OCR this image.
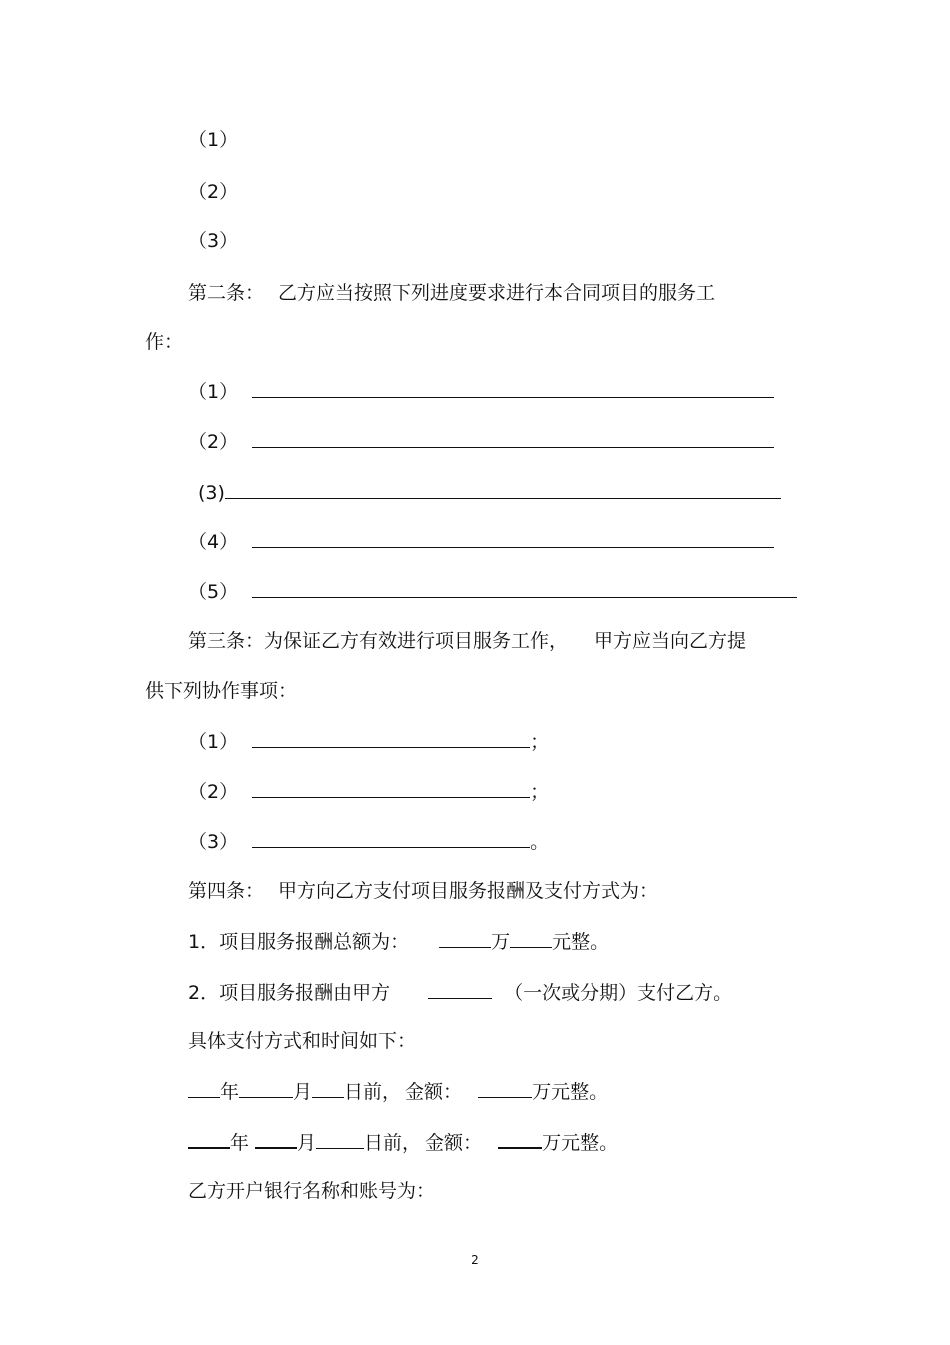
（1）
（2）
（3）
第二条： 乙方应当按照下列进度要求进行本合同项目的服务工
作：
（1）
（2）
(3)
（4）
（5）
第三条：为保证乙方有效进行项目服务工作， 甲方应当向乙方提
供下列协作事项：
（1）	；
（2）	；
（3）	。
第四条： 甲方向乙方支付项目服务报酬及支付方式为：
1．项目服务报酬总额为：	万 元整。
2．项目服务报酬由甲方	（一次或分期）支付乙方。
具体支付方式和时间如下：
年	月 日前， 金额：	万元整。
年	月	日前， 金额：	万元整。
乙方开户银行名称和账号为：
2
